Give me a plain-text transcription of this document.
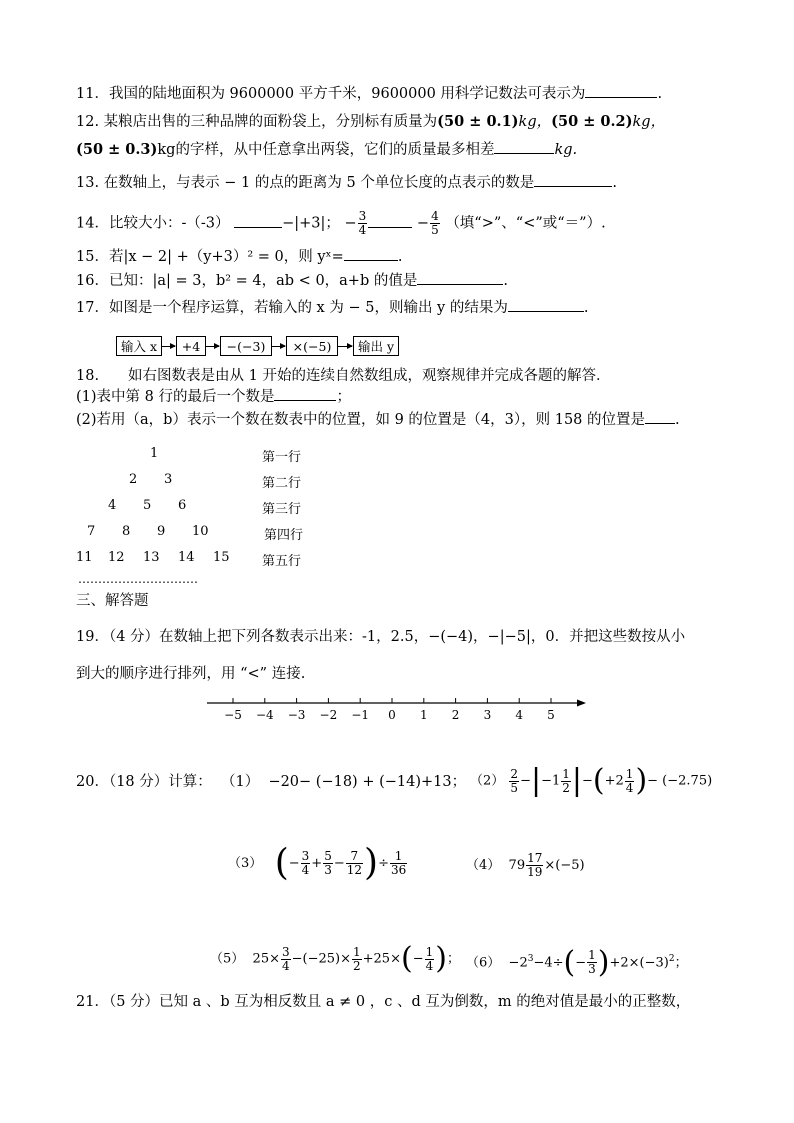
11．我国的陆地面积为 9600000 平方千米，9600000 用科学记数法可表示为	.
12. 某粮店出售的三种品牌的面粉袋上，分别标有质量为(50 ± 0.1)kg，(50 ± 0.2)kg，
(50 ± 0.3)kg的字样，从中任意拿出两袋，它们的质量最多相差	kg.
13. 在数轴上，与表示 − 1 的点的距离为 5 个单位长度的点表示的数是	.
14．比较大小：-（-3）	−|+3|； − $\frac{3}{4}$	− $\frac{4}{5}$ （填“>”、“<”或“＝”）.
15．若|x − 2| +（y+3）² = 0，则 yˣ=	.
16．已知：|a| = 3，b² = 4，ab < 0，a+b 的值是	.
17．如图是一个程序运算，若输入的 x 为 − 5，则输出 y 的结果为	.
输入 x	+4	−(−3)	×(−5)	输出 y
18.　　如右图数表是由从 1 开始的连续自然数组成，观察规律并完成各题的解答．
(1)表中第 8 行的最后一个数是	；
(2)若用（a，b）表示一个数在数表中的位置，如 9 的位置是（4，3），则 158 的位置是 .
1
2 3
4 5 6
7 8 9 10
11 12 13 14 15
第一行
第二行
第三行
第四行
第五行
…………………………
三、解答题
19．（4 分）在数轴上把下列各数表示出来：-1，2.5，−(−4)，−|−5|，0．并把这些数按从小
到大的顺序进行排列，用 “<” 连接.
−5 −4 −3 −2 −1 0 1 2 3 4 5
20．（18 分）计算： （1） −20− (−18) + (−14)+13； $(2) \frac{2}{5} -|-1 \frac{1}{2} |-(+2 \frac{1}{4}$ )− (−2.75)
（3） (− $\frac{3}{4} + \frac{5}{3} - \frac{7}{12}$ )÷ $\frac{1}{36}$	（4）  $79 \frac{17}{19} \times(-5)$
（5）  $25\times \frac{3}{4} -(-25)\times \frac{1}{2} +25\times(- \frac{1}{4}$ )； $(6) -2^3-4\div(- \frac{1}{3} )+2\times(-3)^2$；
21．（5 分）已知 a 、b 互为相反数且 a ≠ 0 ，c 、d 互为倒数，m 的绝对值是最小的正整数，
